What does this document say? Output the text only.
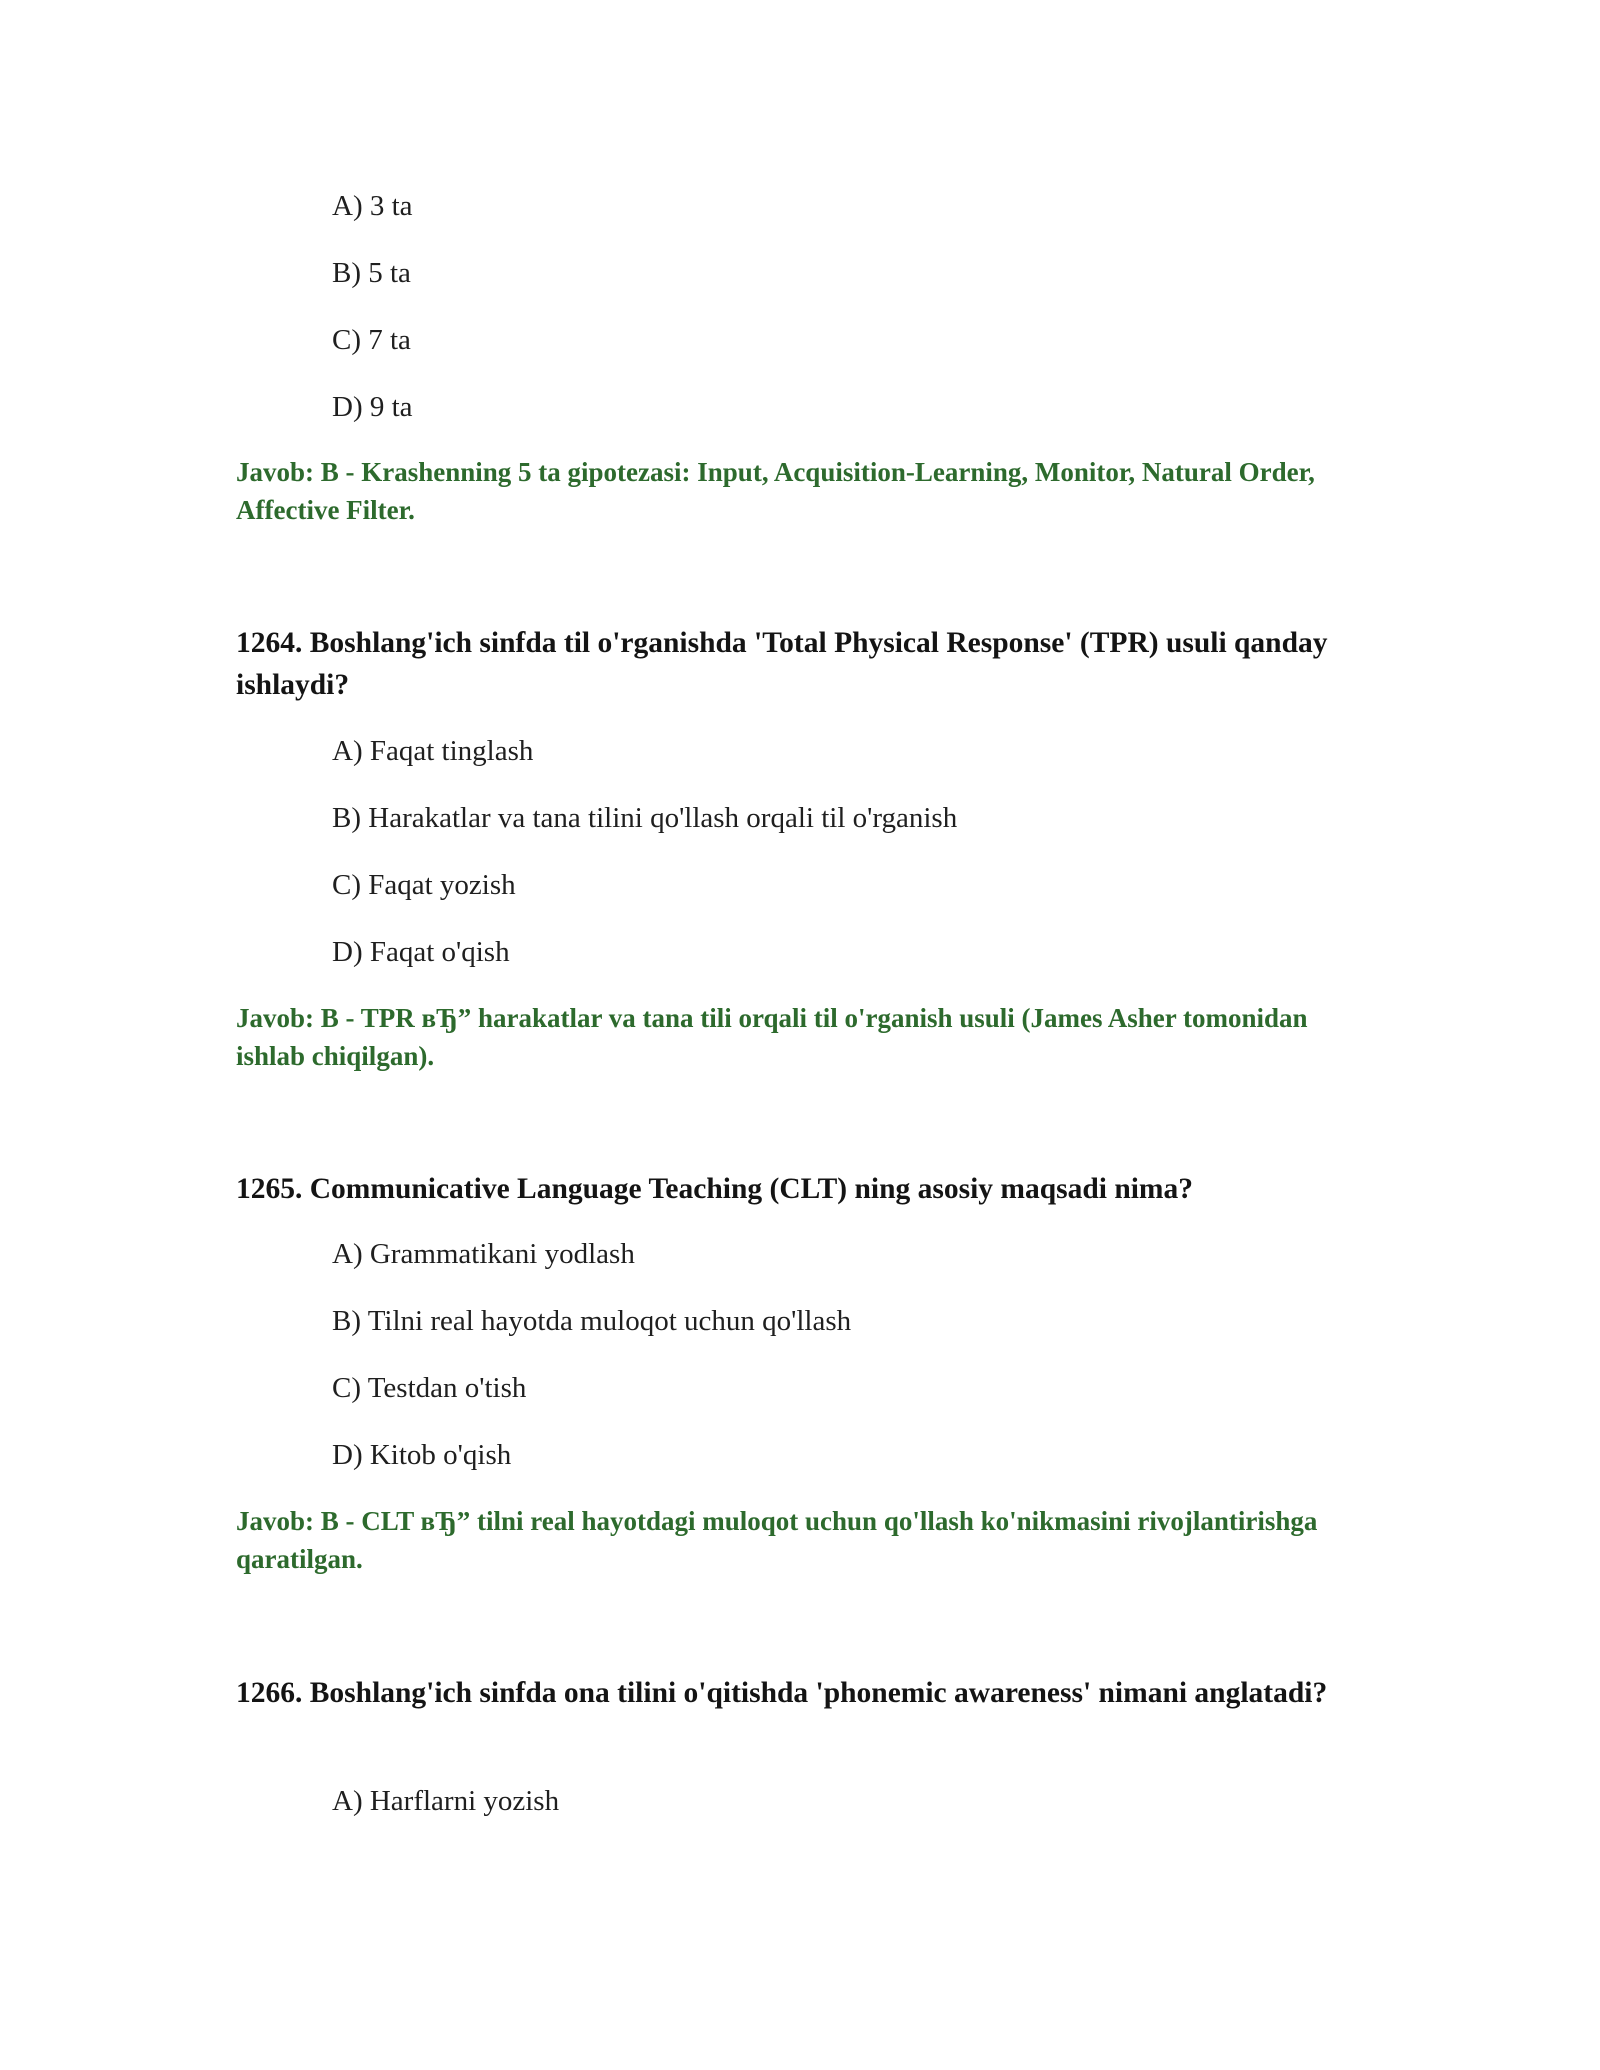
A) 3 ta
B) 5 ta
C) 7 ta
D) 9 ta
Javob: B - Krashenning 5 ta gipotezasi: Input, Acquisition-Learning, Monitor, Natural Order, Affective Filter.
1264. Boshlang'ich sinfda til o'rganishda 'Total Physical Response' (TPR) usuli qanday ishlaydi?
A) Faqat tinglash
B) Harakatlar va tana tilini qo'llash orqali til o'rganish
C) Faqat yozish
D) Faqat o'qish
Javob: B - TPR вЂ” harakatlar va tana tili orqali til o'rganish usuli (James Asher tomonidan ishlab chiqilgan).
1265. Communicative Language Teaching (CLT) ning asosiy maqsadi nima?
A) Grammatikani yodlash
B) Tilni real hayotda muloqot uchun qo'llash
C) Testdan o'tish
D) Kitob o'qish
Javob: B - CLT вЂ” tilni real hayotdagi muloqot uchun qo'llash ko'nikmasini rivojlantirishga qaratilgan.
1266. Boshlang'ich sinfda ona tilini o'qitishda 'phonemic awareness' nimani anglatadi?
A) Harflarni yozish
